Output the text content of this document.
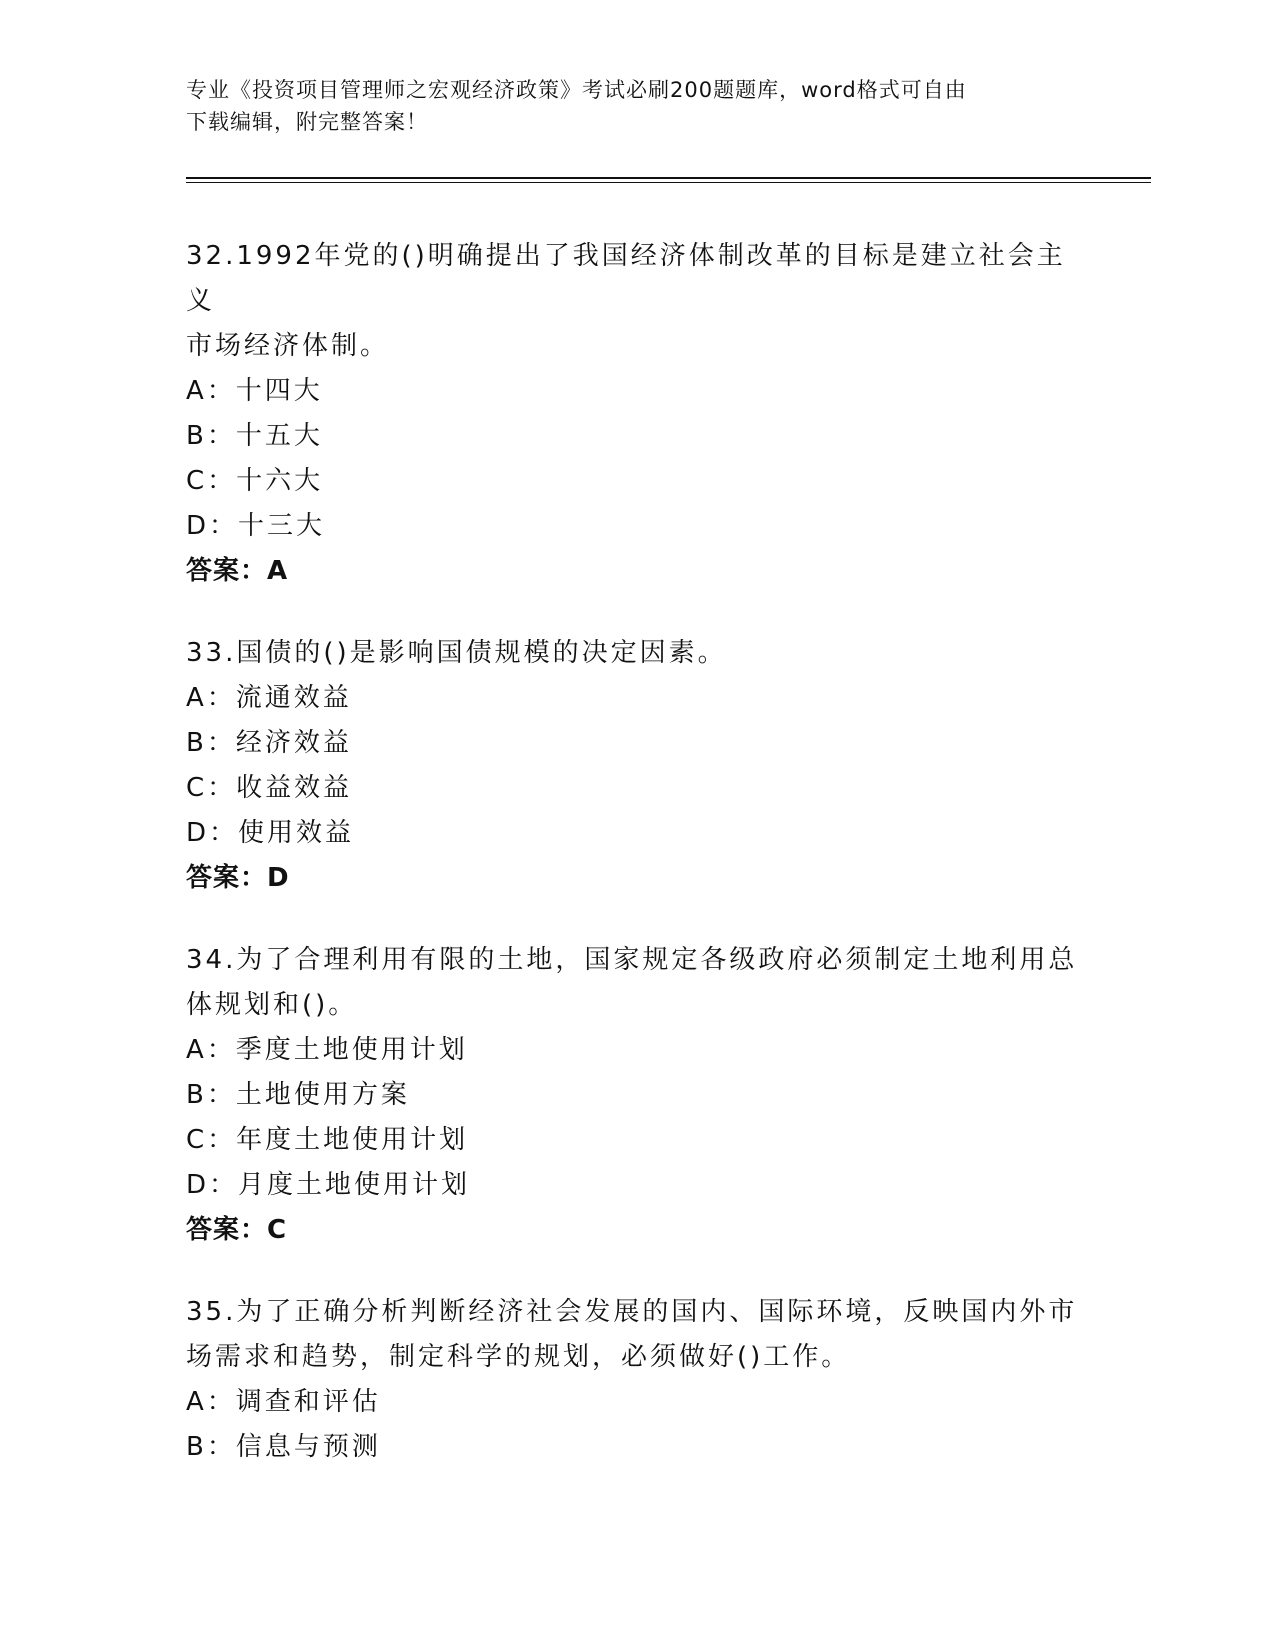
专业《投资项目管理师之宏观经济政策》考试必刷200题题库，word格式可自由
下载编辑，附完整答案！

32.1992年党的()明确提出了我国经济体制改革的目标是建立社会主义

市场经济体制。

A：十四大

B：十五大

C：十六大

D：十三大

答案：A

33.国债的()是影响国债规模的决定因素。

A：流通效益

B：经济效益

C：收益效益

D：使用效益

答案：D

34.为了合理利用有限的土地，国家规定各级政府必须制定土地利用总

体规划和()。

A：季度土地使用计划

B：土地使用方案

C：年度土地使用计划

D：月度土地使用计划

答案：C

35.为了正确分析判断经济社会发展的国内、国际环境，反映国内外市

场需求和趋势，制定科学的规划，必须做好()工作。

A：调查和评估

B：信息与预测
